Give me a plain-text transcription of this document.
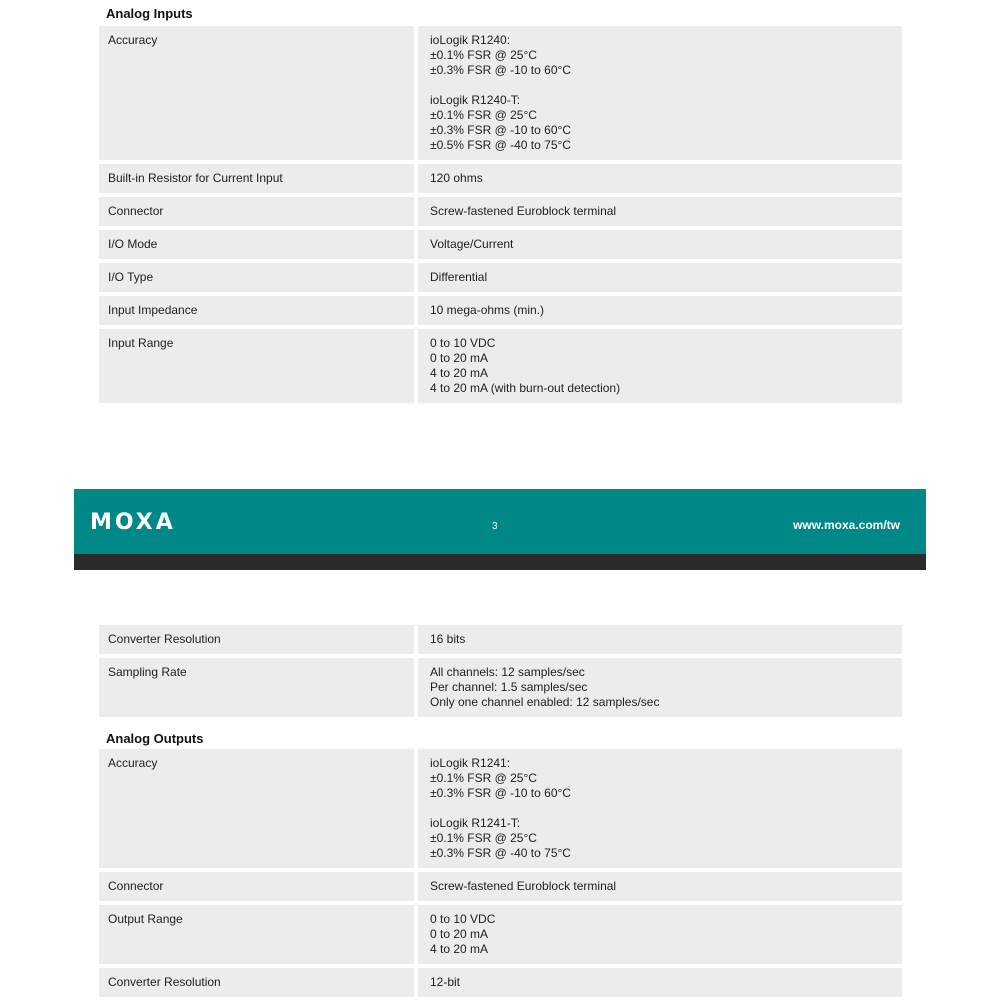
Analog Inputs
Accuracy	ioLogik R1240:
±0.1% FSR @ 25°C
±0.3% FSR @ -10 to 60°C
ioLogik R1240-T:
±0.1% FSR @ 25°C
±0.3% FSR @ -10 to 60°C
±0.5% FSR @ -40 to 75°C
Built-in Resistor for Current Input	120 ohms
Connector	Screw-fastened Euroblock terminal
I/O Mode	Voltage/Current
I/O Type	Differential
Input Impedance	10 mega-ohms (min.)
Input Range	0 to 10 VDC
0 to 20 mA
4 to 20 mA
4 to 20 mA (with burn-out detection)
MOXA	3	www.moxa.com/tw
Converter Resolution	16 bits
Sampling Rate	All channels: 12 samples/sec
Per channel: 1.5 samples/sec
Only one channel enabled: 12 samples/sec
Analog Outputs
Accuracy	ioLogik R1241:
±0.1% FSR @ 25°C
±0.3% FSR @ -10 to 60°C
ioLogik R1241-T:
±0.1% FSR @ 25°C
±0.3% FSR @ -40 to 75°C
Connector	Screw-fastened Euroblock terminal
Output Range	0 to 10 VDC
0 to 20 mA
4 to 20 mA
Converter Resolution	12-bit
